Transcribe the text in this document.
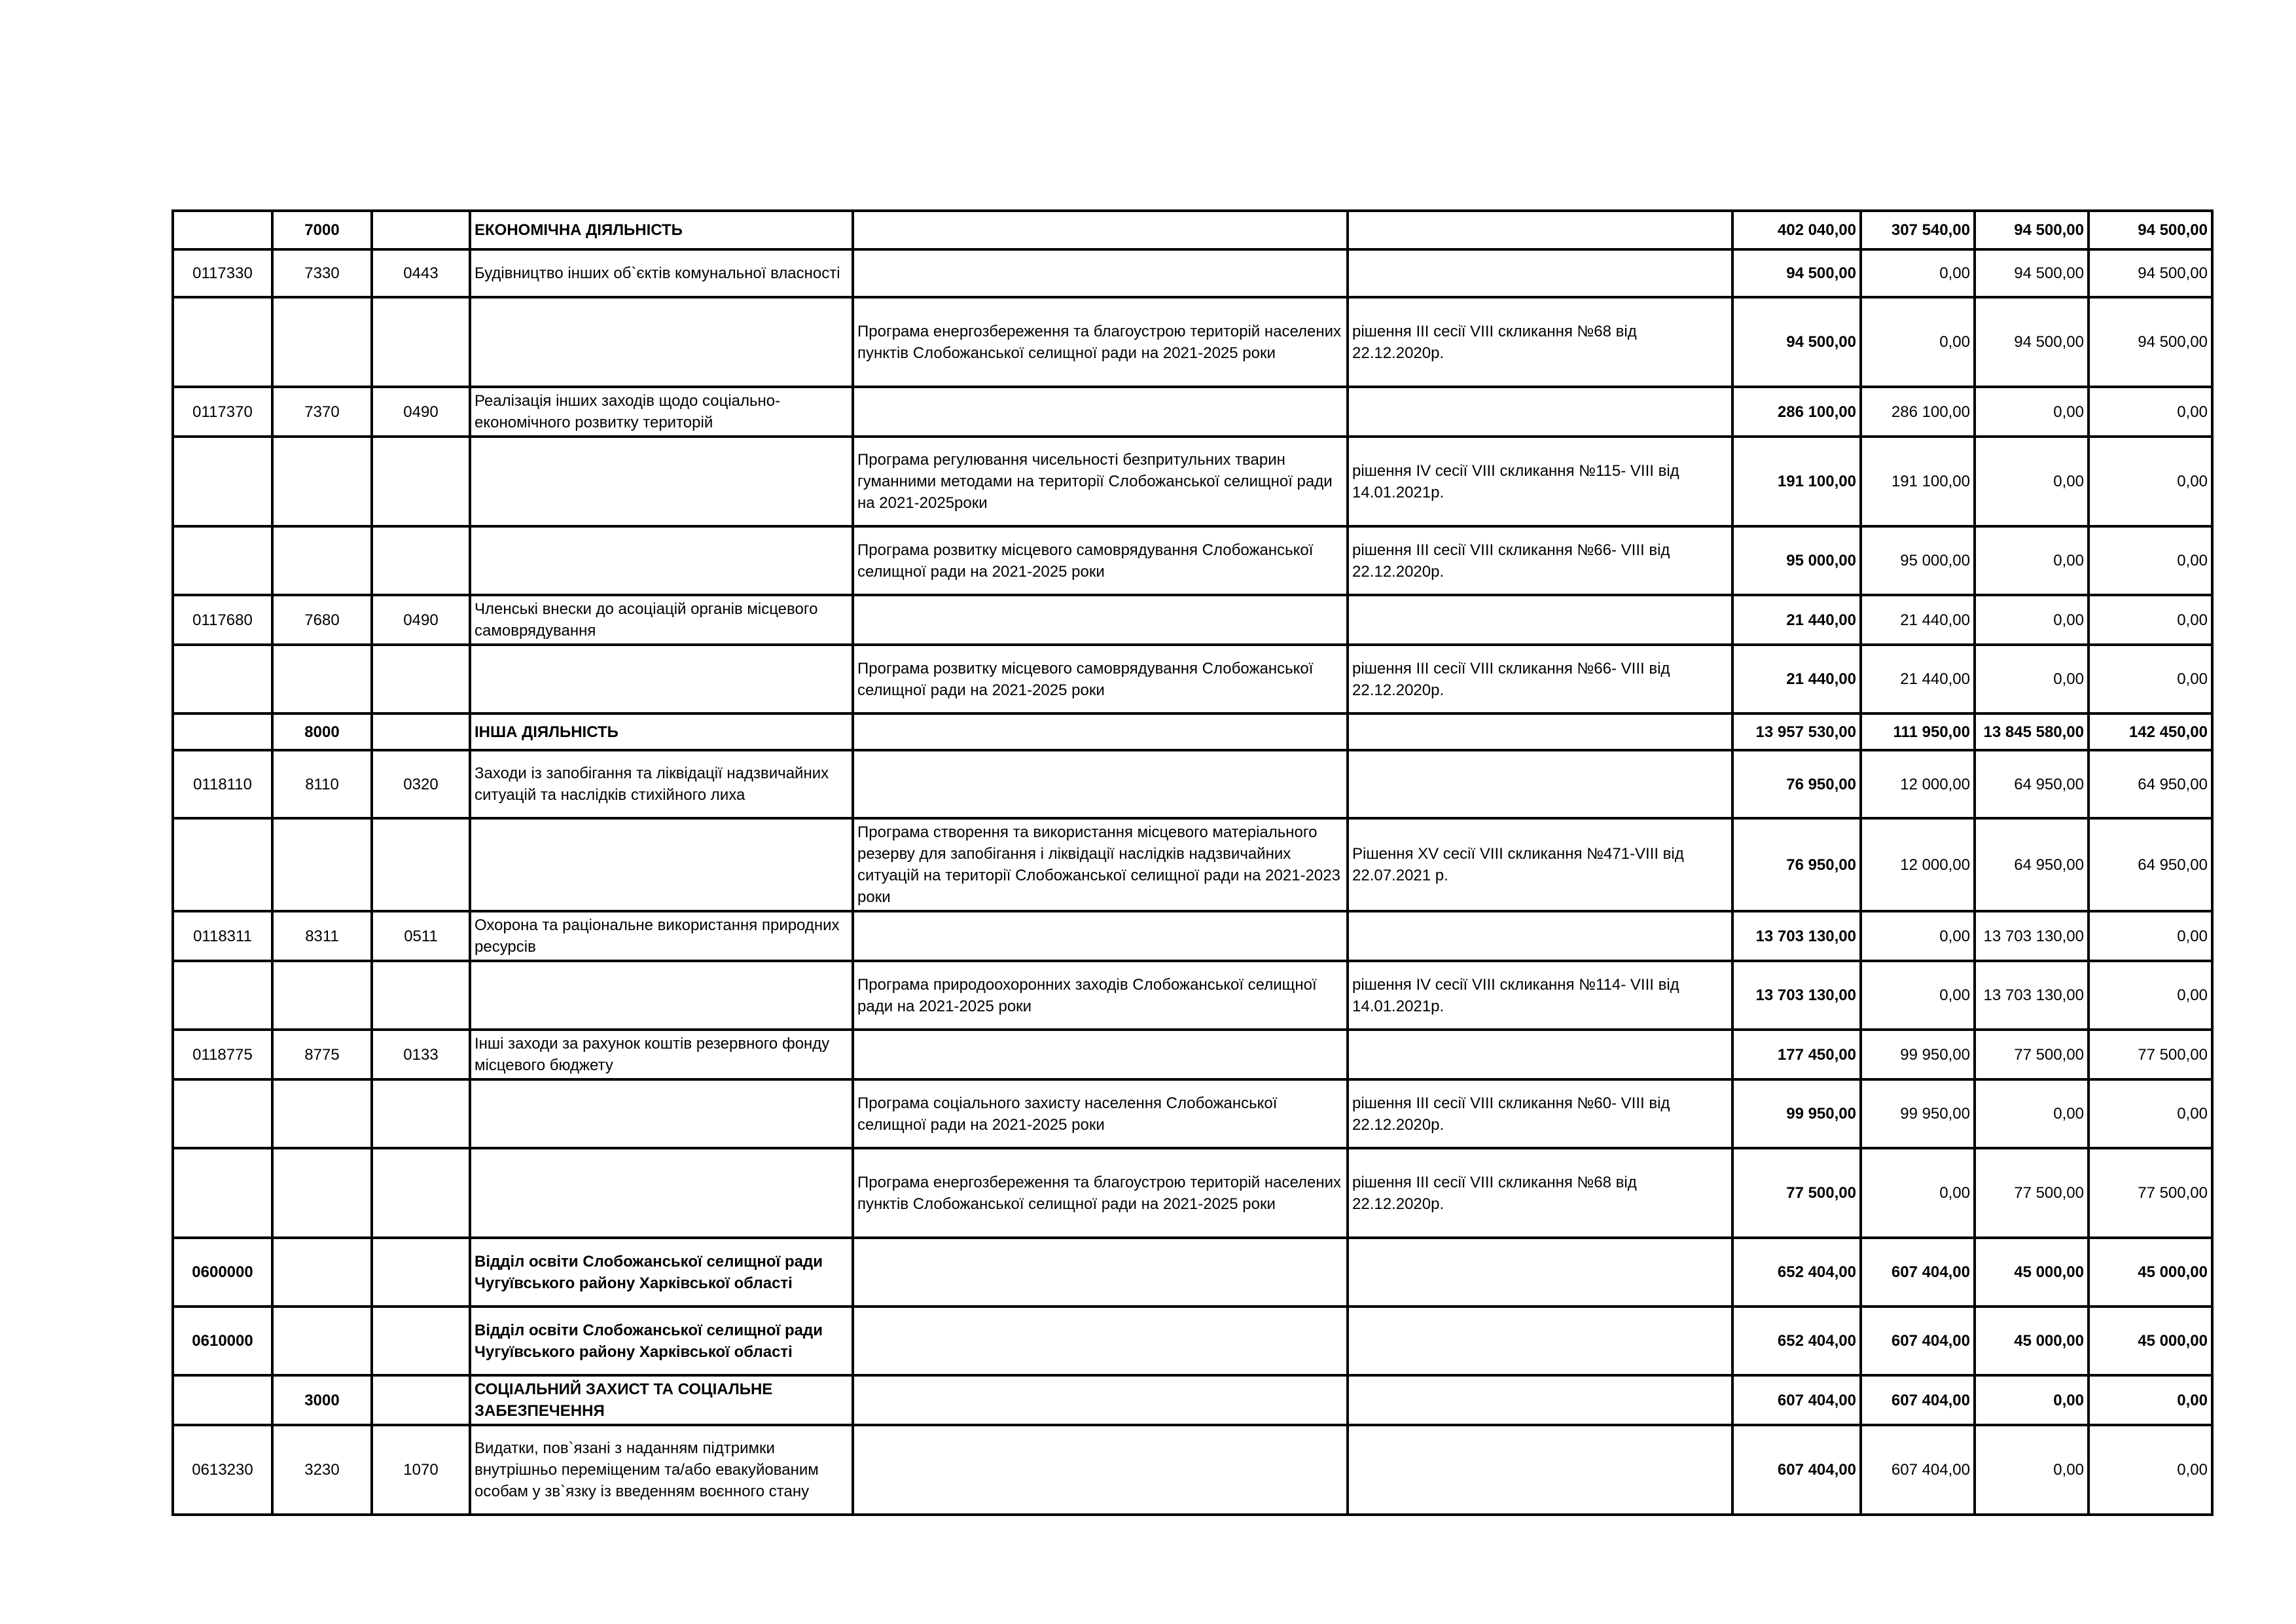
	7000		ЕКОНОМІЧНА ДІЯЛЬНІСТЬ			402 040,00	307 540,00	94 500,00	94 500,00
0117330	7330	0443	Будівництво інших об`єктів комунальної власності			94 500,00	0,00	94 500,00	94 500,00
				Програма енергозбереження та благоустрою територій населених пунктів Слобожанської селищної ради на 2021-2025 роки	рішення ІІІ сесії VIII скликання №68 від 22.12.2020р.	94 500,00	0,00	94 500,00	94 500,00
0117370	7370	0490	Реалізація інших заходів щодо соціально-економічного розвитку територій			286 100,00	286 100,00	0,00	0,00
				Програма регулювання чисельності безпритульних тварин гуманними методами на території Слобожанської селищної ради на 2021-2025роки	рішення IV сесії VIII скликання №115- VIII від 14.01.2021р.	191 100,00	191 100,00	0,00	0,00
				Програма розвитку місцевого самоврядування Слобожанської селищної ради на 2021-2025 роки	рішення ІІІ сесії VIII скликання №66- VIII від 22.12.2020р.	95 000,00	95 000,00	0,00	0,00
0117680	7680	0490	Членські внески до асоціацій органів місцевого самоврядування			21 440,00	21 440,00	0,00	0,00
				Програма розвитку місцевого самоврядування Слобожанської селищної ради на 2021-2025 роки	рішення ІІІ сесії VIII скликання №66- VIII від 22.12.2020р.	21 440,00	21 440,00	0,00	0,00
	8000		ІНША ДІЯЛЬНІСТЬ			13 957 530,00	111 950,00	13 845 580,00	142 450,00
0118110	8110	0320	Заходи із запобігання та ліквідації надзвичайних ситуацій та наслідків стихійного лиха			76 950,00	12 000,00	64 950,00	64 950,00
				Програма створення та використання місцевого матеріального резерву для запобігання і ліквідації наслідків надзвичайних ситуацій на території Слобожанської селищної ради на 2021-2023 роки	Рішення XV сесії VIII скликання №471-VIII від 22.07.2021 р.	76 950,00	12 000,00	64 950,00	64 950,00
0118311	8311	0511	Охорона та раціональне використання природних ресурсів			13 703 130,00	0,00	13 703 130,00	0,00
				Програма природоохоронних заходів Слобожанської селищної ради на 2021-2025 роки	рішення IV сесії VIII скликання №114- VIII від 14.01.2021р.	13 703 130,00	0,00	13 703 130,00	0,00
0118775	8775	0133	Інші заходи за рахунок коштів резервного фонду місцевого бюджету			177 450,00	99 950,00	77 500,00	77 500,00
				Програма соціального захисту населення Слобожанської селищної ради на 2021-2025 роки	рішення ІІІ сесії VIII скликання №60- VIII від 22.12.2020р.	99 950,00	99 950,00	0,00	0,00
				Програма енергозбереження та благоустрою територій населених пунктів Слобожанської селищної ради на 2021-2025 роки	рішення ІІІ сесії VIII скликання №68 від 22.12.2020р.	77 500,00	0,00	77 500,00	77 500,00
0600000			Відділ освіти Слобожанської селищної ради Чугуївського району Харківської області			652 404,00	607 404,00	45 000,00	45 000,00
0610000			Відділ освіти Слобожанської селищної ради Чугуївського району Харківської області			652 404,00	607 404,00	45 000,00	45 000,00
	3000		СОЦІАЛЬНИЙ ЗАХИСТ ТА СОЦІАЛЬНЕ ЗАБЕЗПЕЧЕННЯ			607 404,00	607 404,00	0,00	0,00
0613230	3230	1070	Видатки, пов`язані з наданням підтримки внутрішньо переміщеним та/або евакуйованим особам у зв`язку із введенням воєнного стану			607 404,00	607 404,00	0,00	0,00
